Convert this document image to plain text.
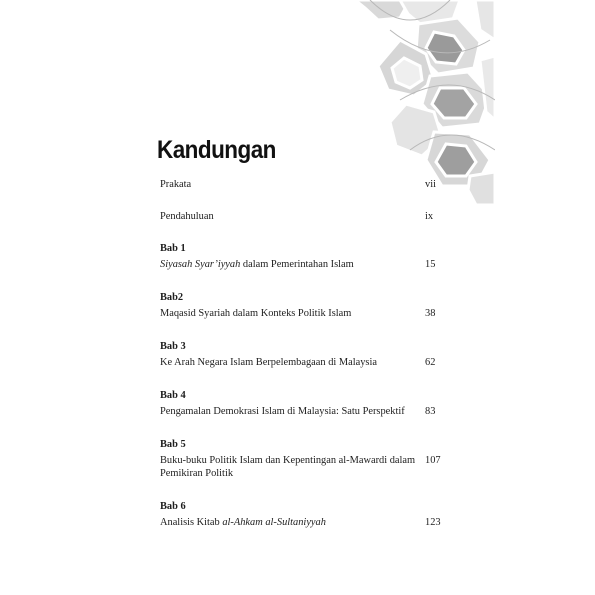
Kandungan
Prakata	vii
Pendahuluan	ix
Bab 1
Siyasah Syar’iyyah dalam Pemerintahan Islam	15
Bab2
Maqasid Syariah dalam Konteks Politik Islam	38
Bab 3
Ke Arah Negara Islam Berpelembagaan di Malaysia	62
Bab 4
Pengamalan Demokrasi Islam di Malaysia: Satu Perspektif	83
Bab 5
Buku-buku Politik Islam dan Kepentingan al-Mawardi dalam Pemikiran Politik
107
Bab 6
Analisis Kitab al-Ahkam al-Sultaniyyah	123
